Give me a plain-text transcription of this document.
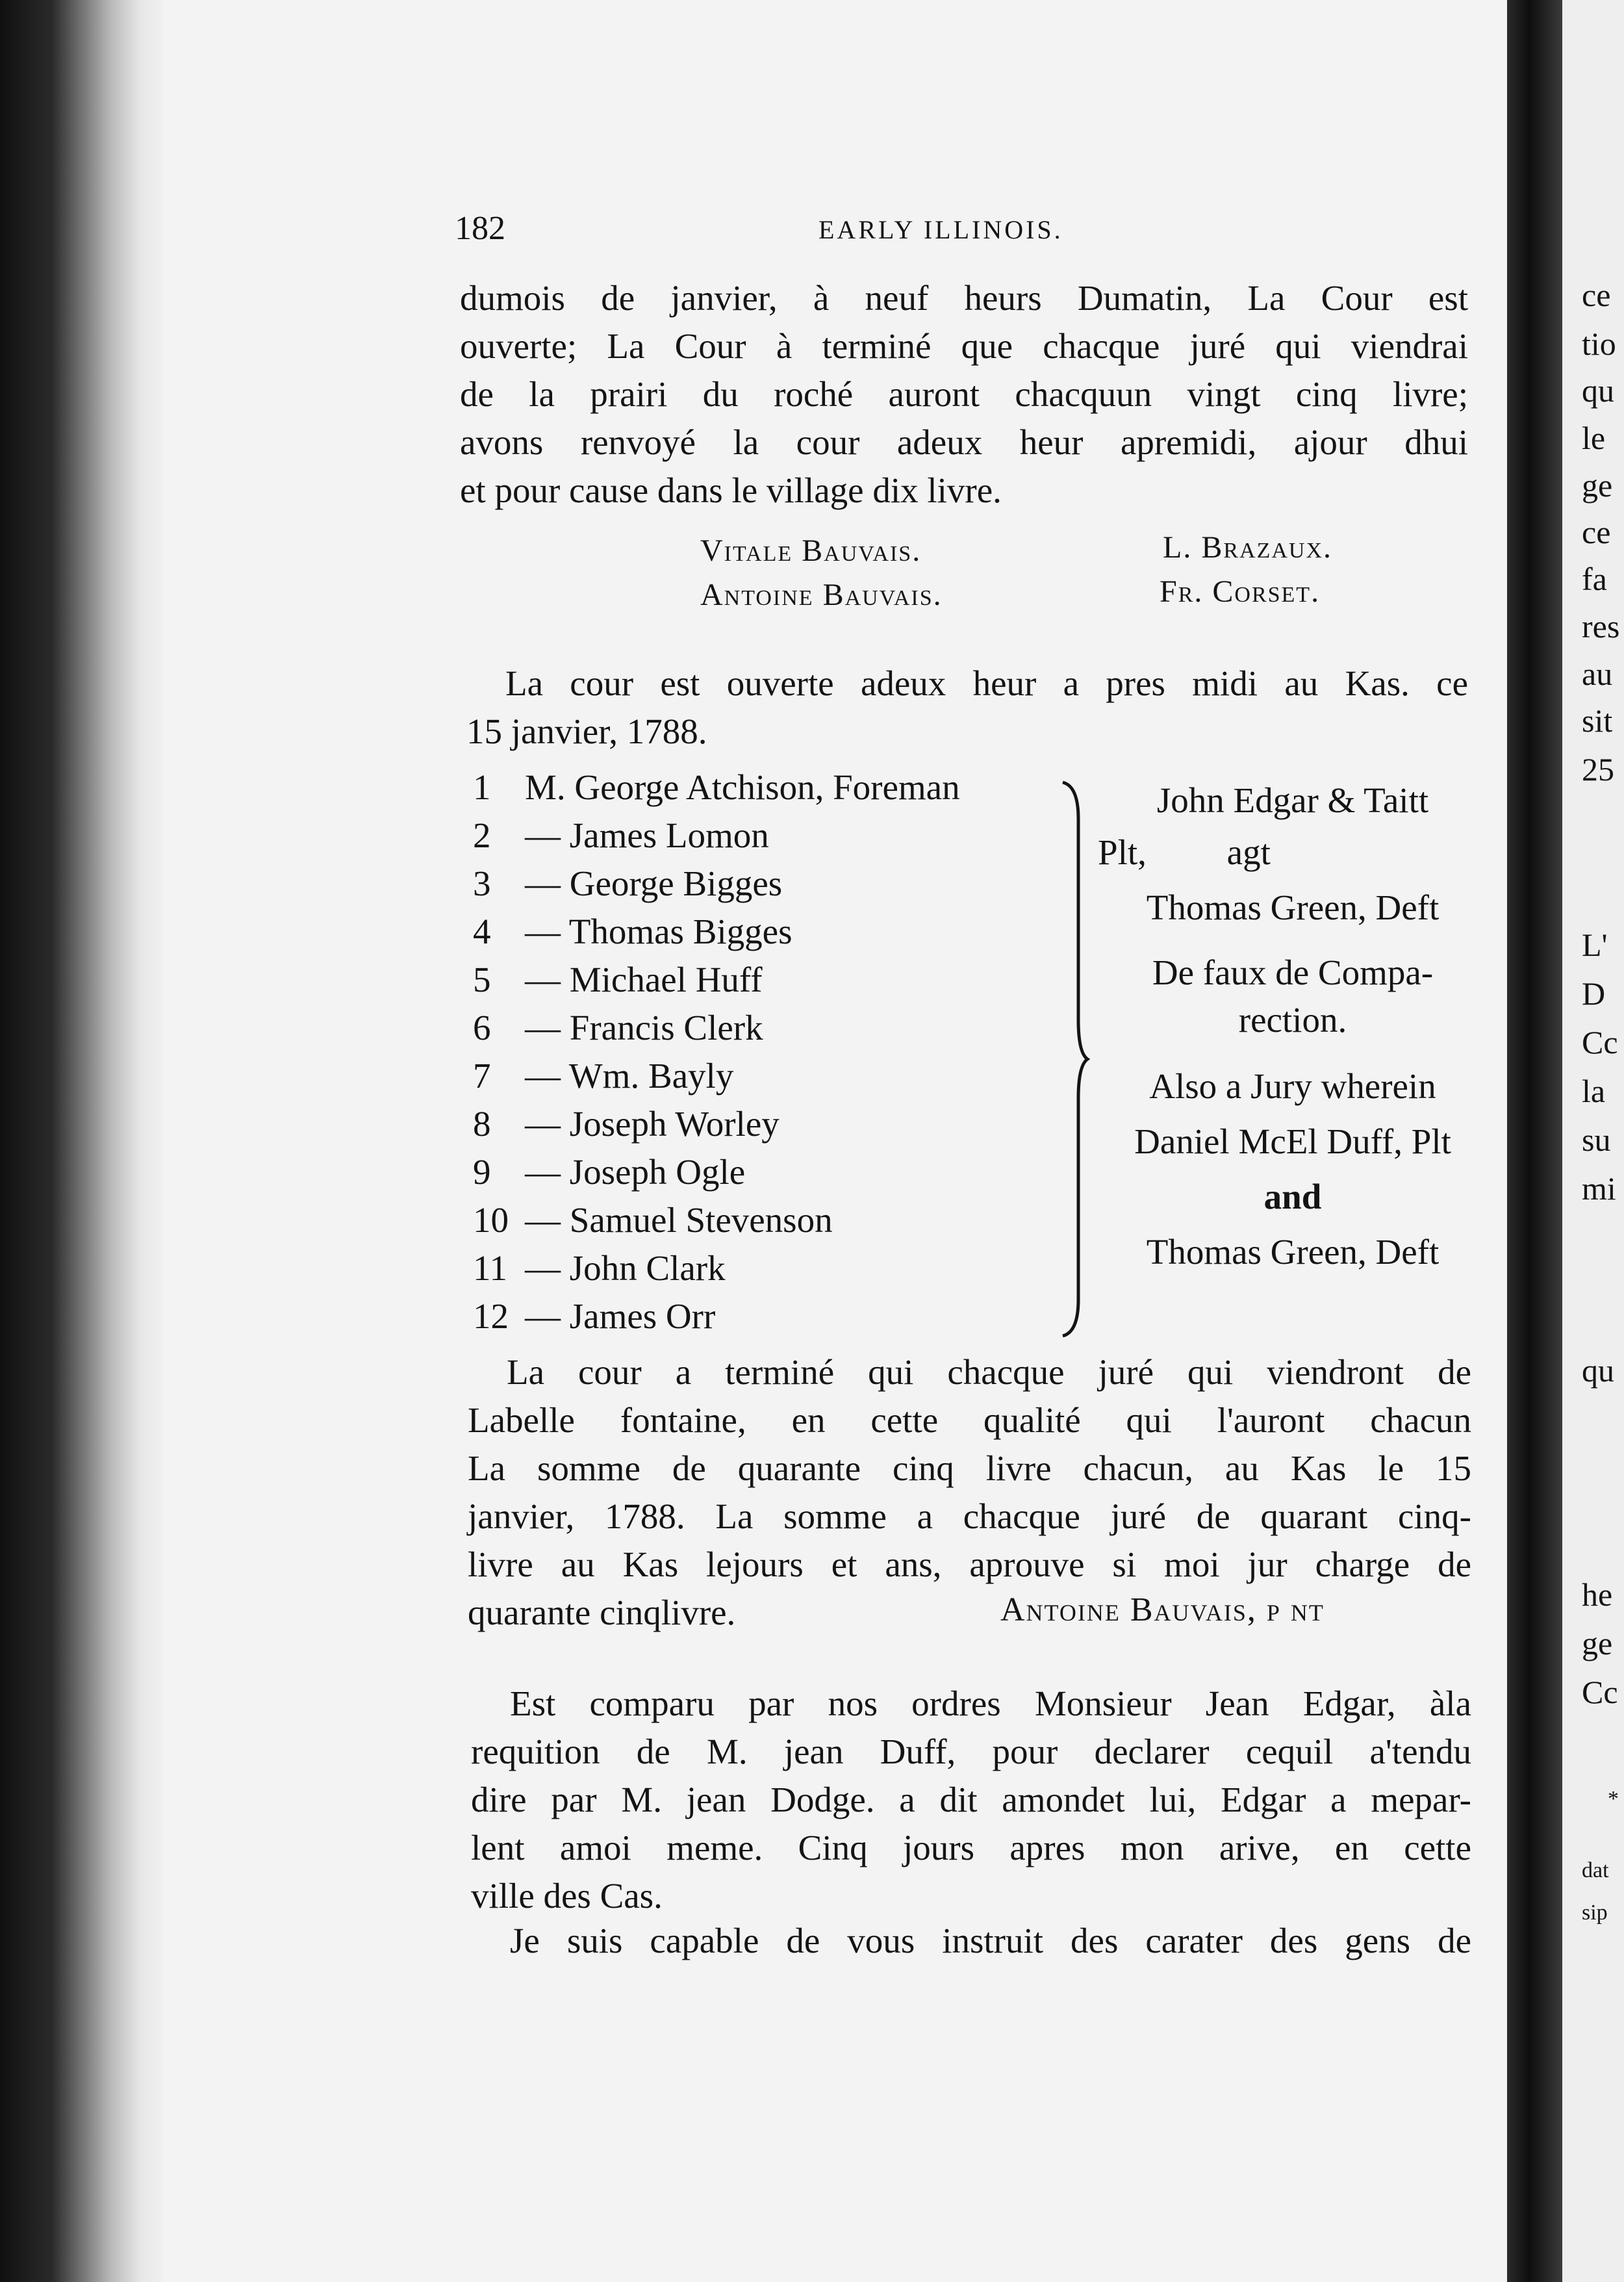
182	EARLY ILLINOIS.
dumois de janvier, à neuf heurs Dumatin, La Cour est
ouverte; La Cour à terminé que chacque juré qui viendrai
de la prairi du roché auront chacquun vingt cinq livre;
avons renvoyé la cour adeux heur apremidi, ajour dhui
et pour cause dans le village dix livre.
Vitale Bauvais.
Antoine Bauvais.
L. Brazaux.
Fr. Corset.
La cour est ouverte adeux heur a pres midi au Kas. ce
15 janvier, 1788.
1 M. George Atchison, Foreman
2 — James Lomon
3 — George Bigges
4 — Thomas Bigges
5 — Michael Huff
6 — Francis Clerk
7 — Wm. Bayly
8 — Joseph Worley
9 — Joseph Ogle
10 — Samuel Stevenson
11 — John Clark
12 — James Orr
John Edgar & Taitt
Plt, agt
Thomas Green, Deft
De faux de Compa-
rection.
Also a Jury wherein
Daniel McEl Duff, Plt
and
Thomas Green, Deft
La cour a terminé qui chacque juré qui viendront de
Labelle fontaine, en cette qualité qui l'auront chacun
La somme de quarante cinq livre chacun, au Kas le 15
janvier, 1788. La somme a chacque juré de quarant cinq-
livre au Kas lejours et ans, aprouve si moi jur charge de
quarante cinqlivre.	Antoine Bauvais, p nt
Est comparu par nos ordres Monsieur Jean Edgar, àla
requition de M. jean Duff, pour declarer cequil a'tendu
dire par M. jean Dodge. a dit amondet lui, Edgar a mepar-
lent amoi meme. Cinq jours apres mon arive, en cette
ville des Cas.
Je suis capable de vous instruit des carater des gens de
ce
tio
qu
le
ge
ce
fa
res
au
sit
25
L'
D
Cc
la
su
mi
qu
he
ge
Cc
*
dat
sip
